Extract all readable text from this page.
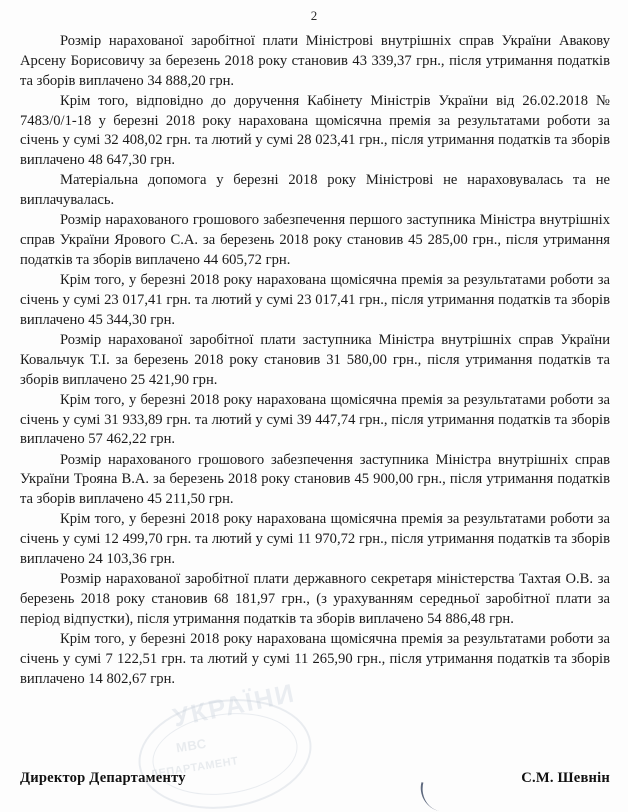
2

Розмір нарахованої заробітної плати Міністрові внутрішніх справ України Авакову Арсену Борисовичу за березень 2018 року становив 43 339,37 грн., після утримання податків та зборів виплачено 34 888,20 грн.

Крім того, відповідно до доручення Кабінету Міністрів України від 26.02.2018 № 7483/0/1-18 у березні 2018 року нарахована щомісячна премія за результатами роботи за січень у сумі 32 408,02 грн. та лютий у сумі 28 023,41 грн., після утримання податків та зборів виплачено 48 647,30 грн.

Матеріальна допомога у березні 2018 року Міністрові не нараховувалась та не виплачувалась.

Розмір нарахованого грошового забезпечення першого заступника Міністра внутрішніх справ України Ярового С.А. за березень 2018 року становив 45 285,00 грн., після утримання податків та зборів виплачено 44 605,72 грн.

Крім того, у березні 2018 року нарахована щомісячна премія за результатами роботи за січень у сумі 23 017,41 грн. та лютий у сумі 23 017,41 грн., після утримання податків та зборів виплачено 45 344,30 грн.

Розмір нарахованої заробітної плати заступника Міністра внутрішніх справ України Ковальчук Т.І. за березень 2018 року становив 31 580,00 грн., після утримання податків та зборів виплачено 25 421,90 грн.

Крім того, у березні 2018 року нарахована щомісячна премія за результатами роботи за січень у сумі 31 933,89 грн. та лютий у сумі 39 447,74 грн., після утримання податків та зборів виплачено 57 462,22 грн.

Розмір нарахованого грошового забезпечення заступника Міністра внутрішніх справ України Трояна В.А. за березень 2018 року становив 45 900,00 грн., після утримання податків та зборів виплачено 45 211,50 грн.

Крім того, у березні 2018 року нарахована щомісячна премія за результатами роботи за січень у сумі 12 499,70 грн. та лютий у сумі 11 970,72 грн., після утримання податків та зборів виплачено 24 103,36 грн.

Розмір нарахованої заробітної плати державного секретаря міністерства Тахтая О.В. за березень 2018 року становив 68 181,97 грн., (з урахуванням середньої заробітної плати за період відпустки), після утримання податків та зборів виплачено 54 886,48 грн.

Крім того, у березні 2018 року нарахована щомісячна премія за результатами роботи за січень у сумі 7 122,51 грн. та лютий у сумі 11 265,90 грн., після утримання податків та зборів виплачено 14 802,67 грн.

УКРАЇНИ
МВС
ДЕПАРТАМЕНТ
Директор Департаменту	С.М. Шевнін
